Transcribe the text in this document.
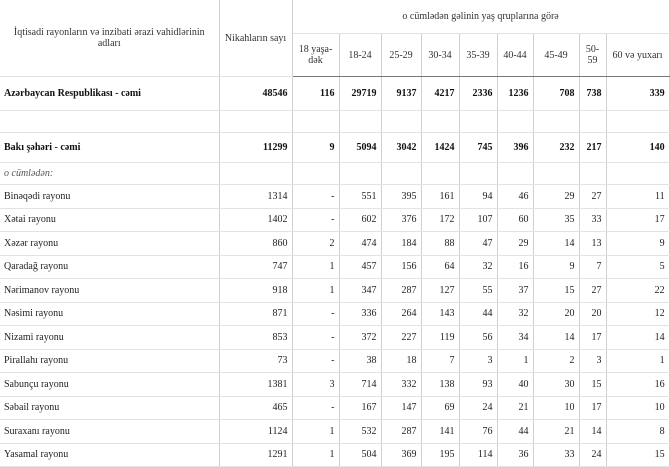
İqtisadi rayonların və inzibati ərazi vahidlərinin adları	Nikahların sayı	o cümlədən gəlinin yaş qruplarına görə								
		18 yaşa-dək	18-24	25-29	30-34	35-39	40-44	45-49	50-59	60 və yuxarı
Azərbaycan Respublikası - cəmi	48546	116	29719	9137	4217	2336	1236	708	738	339

Bakı şəhəri - cəmi	11299	9	5094	3042	1424	745	396	232	217	140
o cümlədən:										
Binəqədi rayonu	1314	-	551	395	161	94	46	29	27	11
Xətai rayonu	1402	-	602	376	172	107	60	35	33	17
Xəzər rayonu	860	2	474	184	88	47	29	14	13	9
Qaradağ rayonu	747	1	457	156	64	32	16	9	7	5
Nərimanov rayonu	918	1	347	287	127	55	37	15	27	22
Nəsimi rayonu	871	-	336	264	143	44	32	20	20	12
Nizami rayonu	853	-	372	227	119	56	34	14	17	14
Pirallahı rayonu	73	-	38	18	7	3	1	2	3	1
Sabunçu rayonu	1381	3	714	332	138	93	40	30	15	16
Səbail rayonu	465	-	167	147	69	24	21	10	17	10
Suraxanı rayonu	1124	1	532	287	141	76	44	21	14	8
Yasamal rayonu	1291	1	504	369	195	114	36	33	24	15
